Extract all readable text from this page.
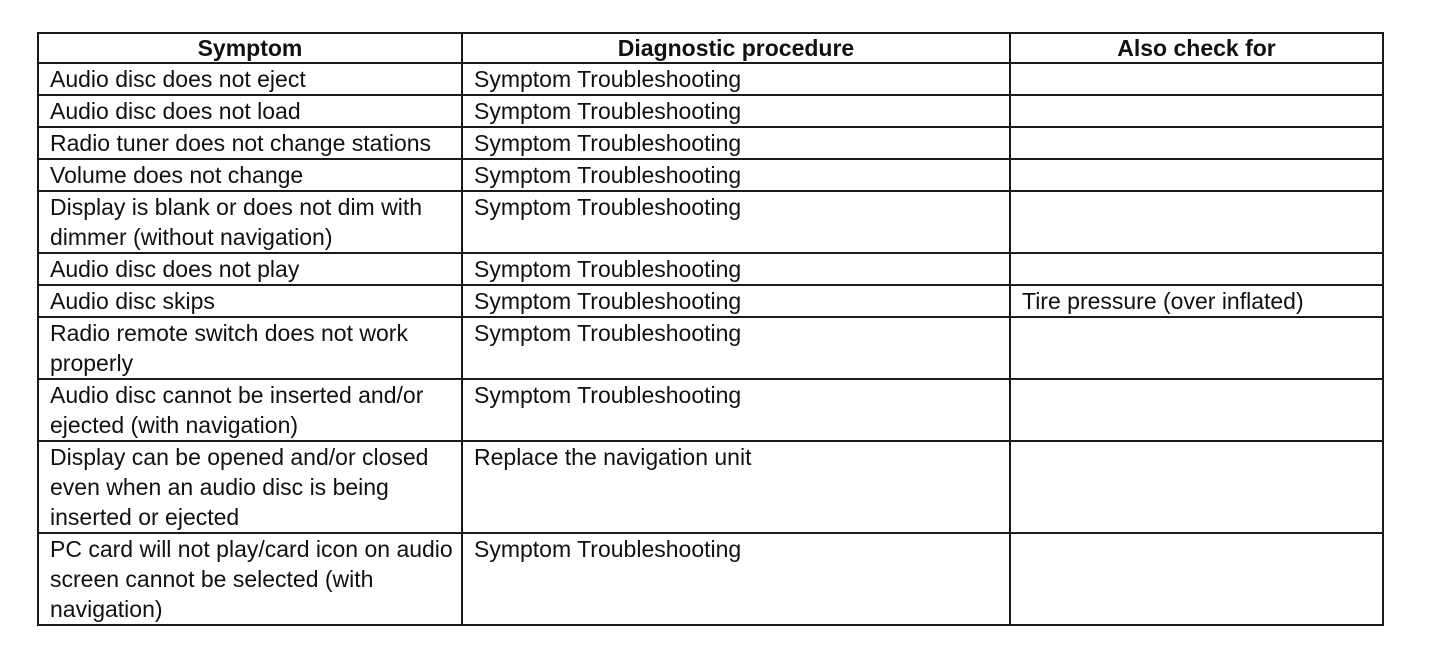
Symptom	Diagnostic procedure	Also check for
Audio disc does not eject	Symptom Troubleshooting	
Audio disc does not load	Symptom Troubleshooting	
Radio tuner does not change stations	Symptom Troubleshooting	
Volume does not change	Symptom Troubleshooting	
Display is blank or does not dim with dimmer (without navigation)	Symptom Troubleshooting	
Audio disc does not play	Symptom Troubleshooting	
Audio disc skips	Symptom Troubleshooting	Tire pressure (over inflated)
Radio remote switch does not work properly	Symptom Troubleshooting	
Audio disc cannot be inserted and/or ejected (with navigation)	Symptom Troubleshooting	
Display can be opened and/or closed even when an audio disc is being inserted or ejected	Replace the navigation unit	
PC card will not play/card icon on audio screen cannot be selected (with navigation)	Symptom Troubleshooting	
